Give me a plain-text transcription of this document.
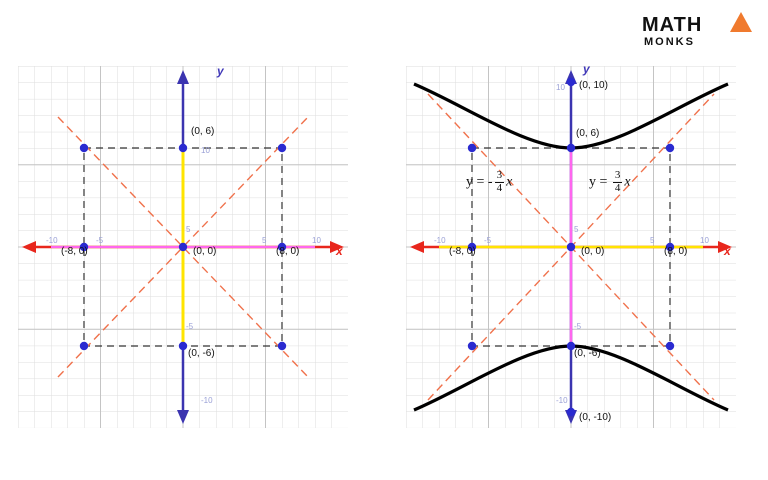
MATH
MONKS
y
x
10
-10
-10	10
5
-5
-5	5
(0, 6)
(0, 0)	(8, 0)
(-8, 0)
(0, -6)
y
x
10
-10
-10	10
5
-5
-5	5
(0, 10)
(0, 6)
(0, 0)	(8, 0)
(-8, 0)
(0, -6)
(0, -10)
y = - $\frac{3}{4}$ x	$y = \frac{3}{4}$ x
